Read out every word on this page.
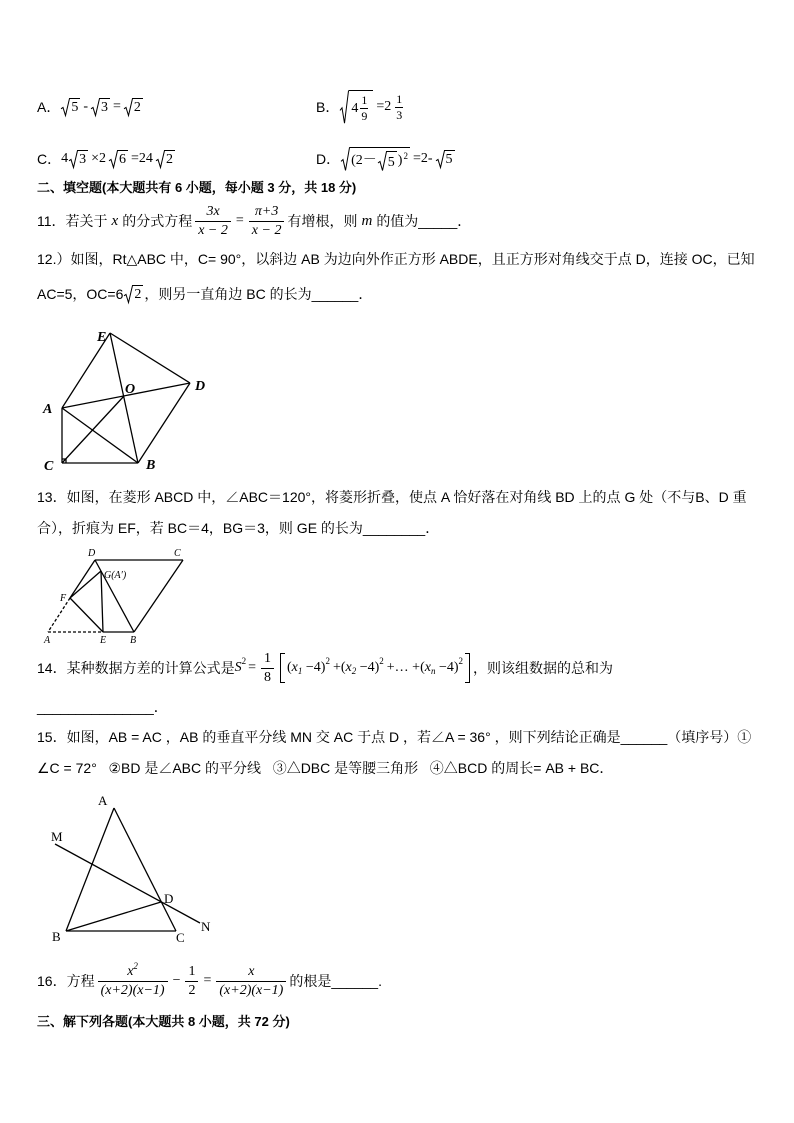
A． 5 - 3 = 2	B． $4 \frac{1}{9} =2 \frac{1}{3}$
C． 4 3 ×2 6 =24 2	D． (2－ 5 ) 2 =2- 5
二、填空题(本大题共有 6 小题，每小题 3 分，共 18 分)
11．若关于 x 的分式方程 $\frac{3x}{x - 2} = \frac{\pi+3}{x - 2}$ 有增根，则 m 的值为_____．
12.）如图，Rt△ABC 中，C= 90°，以斜边 AB 为边向外作正方形 ABDE，且正方形对角线交于点 D，连接 OC，已知
AC=5，OC=6 2 ，则另一直角边 BC 的长为______．
E
O	D
A
C	B
13．如图，在菱形 ABCD 中，∠ABC＝120°，将菱形折叠，使点 A 恰好落在对角线 BD 上的点 G 处（不与B、D 重
合），折痕为 EF，若 BC＝4，BG＝3，则 GE 的长为________．
D	C
G(A′)
F
A	E B
14．某种数据方差的计算公式是 $S^2 = \frac{1}{8} (x_1 -4)^2 +(x_2 -4)^2$ +… $+(x_n -4)^2$ ，则该组数据的总和为
_______________．
15．如图，AB = AC ，AB 的垂直平分线 MN 交 AC 于点 D ，若∠A = 36° ，则下列结论正确是______（填序号）①
∠C = 72°   ②BD 是∠ABC 的平分线   ③△DBC 是等腰三角形   ④△BCD 的周长= AB + BC．
A
M
D
B	C
N
16．方程 $\frac{x^2}{(x+2)(x-1)} - \frac{1}{2} = \frac{x}{(x+2)(x-1)}$ 的根是______.
三、解下列各题(本大题共 8 小题，共 72 分)
